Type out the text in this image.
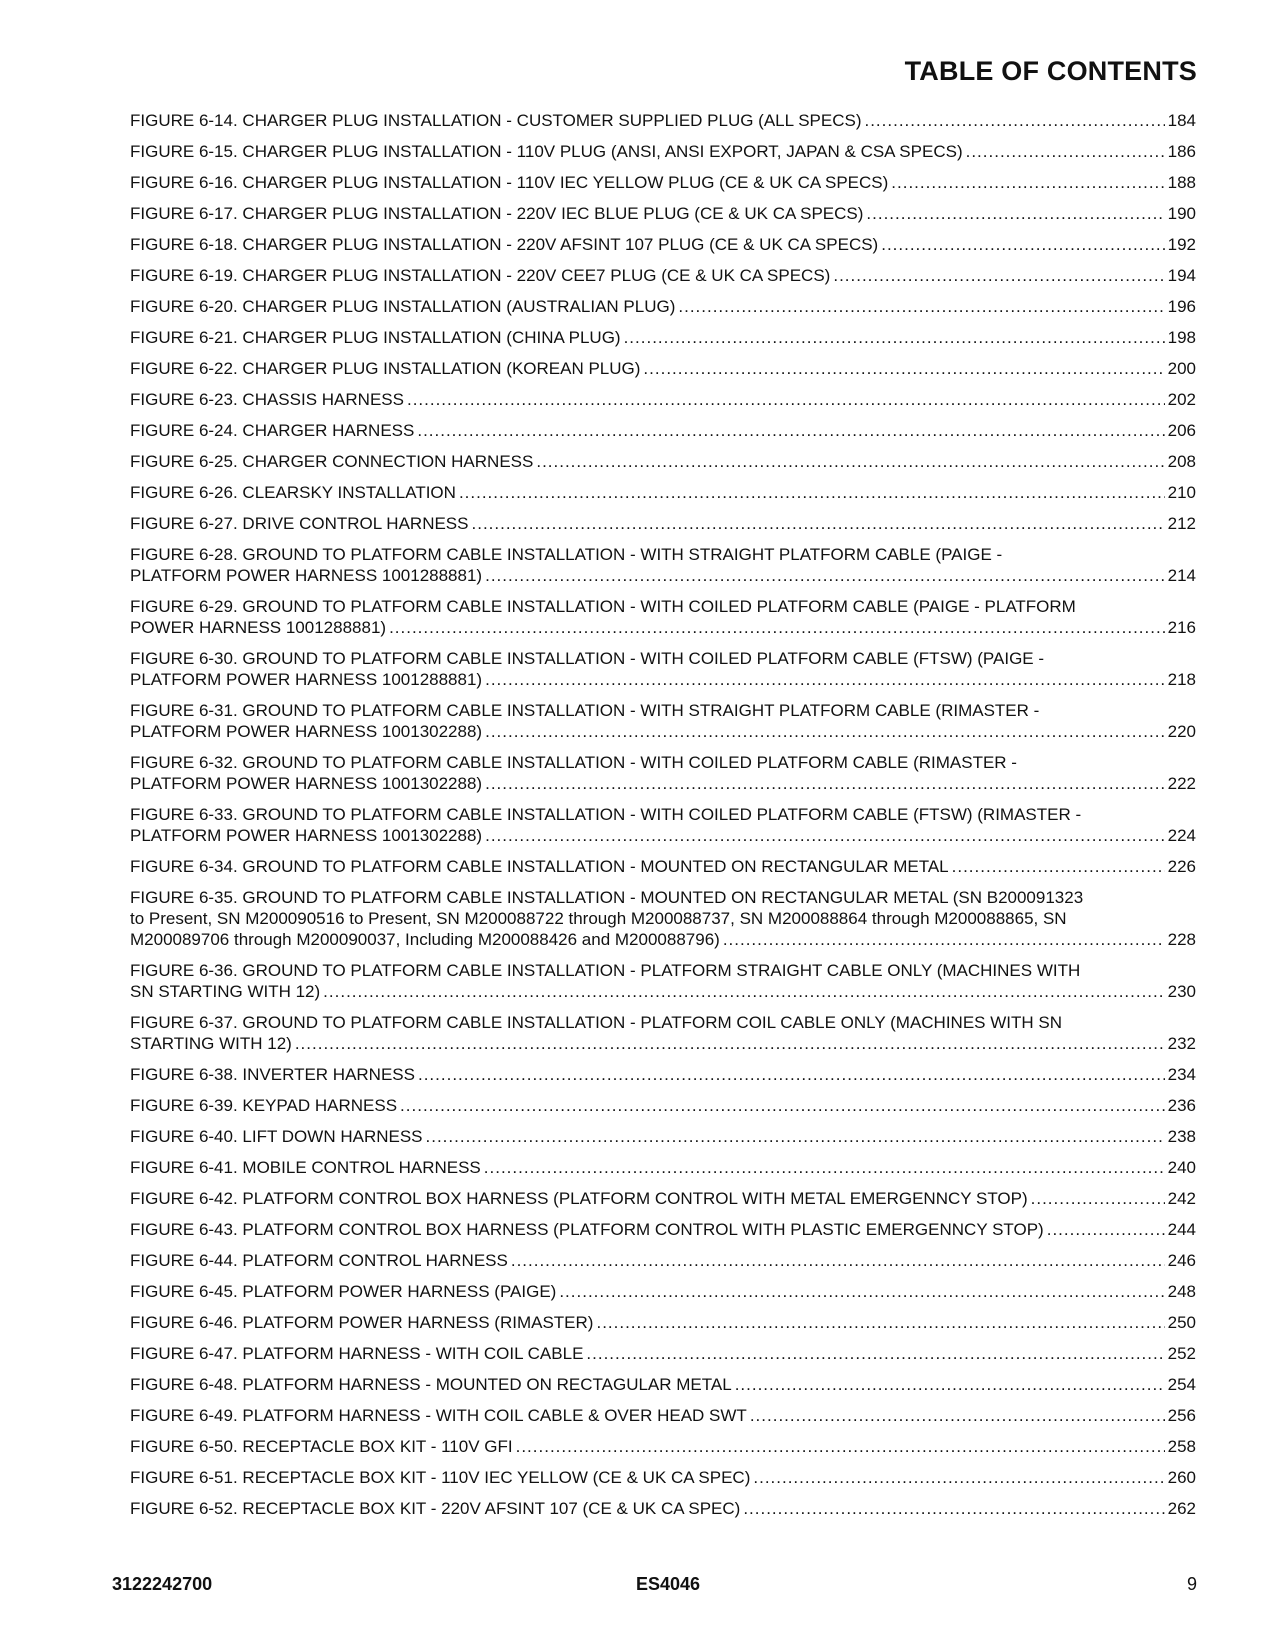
TABLE OF CONTENTS
FIGURE 6-14. CHARGER PLUG INSTALLATION - CUSTOMER SUPPLIED PLUG (ALL SPECS) .....	184
FIGURE 6-15. CHARGER PLUG INSTALLATION - 110V PLUG (ANSI, ANSI EXPORT, JAPAN & CSA SPECS) .....	186
FIGURE 6-16. CHARGER PLUG INSTALLATION - 110V IEC YELLOW PLUG (CE & UK CA SPECS) .....	188
FIGURE 6-17. CHARGER PLUG INSTALLATION - 220V IEC BLUE PLUG (CE & UK CA SPECS) .....	190
FIGURE 6-18. CHARGER PLUG INSTALLATION - 220V AFSINT 107 PLUG (CE & UK CA SPECS) .....	192
FIGURE 6-19. CHARGER PLUG INSTALLATION - 220V CEE7 PLUG (CE & UK CA SPECS) .....	194
FIGURE 6-20. CHARGER PLUG INSTALLATION (AUSTRALIAN PLUG) .....	196
FIGURE 6-21. CHARGER PLUG INSTALLATION (CHINA PLUG) .....	198
FIGURE 6-22. CHARGER PLUG INSTALLATION (KOREAN PLUG) .....	200
FIGURE 6-23. CHASSIS HARNESS .....	202
FIGURE 6-24. CHARGER HARNESS .....	206
FIGURE 6-25. CHARGER CONNECTION HARNESS .....	208
FIGURE 6-26. CLEARSKY INSTALLATION .....	210
FIGURE 6-27. DRIVE CONTROL HARNESS .....	212
FIGURE 6-28. GROUND TO PLATFORM CABLE INSTALLATION - WITH STRAIGHT PLATFORM CABLE (PAIGE -
PLATFORM POWER HARNESS 1001288881) .....	214
FIGURE 6-29. GROUND TO PLATFORM CABLE INSTALLATION - WITH COILED PLATFORM CABLE (PAIGE - PLATFORM
POWER HARNESS 1001288881) .....	216
FIGURE 6-30. GROUND TO PLATFORM CABLE INSTALLATION - WITH COILED PLATFORM CABLE (FTSW) (PAIGE -
PLATFORM POWER HARNESS 1001288881) .....	218
FIGURE 6-31. GROUND TO PLATFORM CABLE INSTALLATION - WITH STRAIGHT PLATFORM CABLE (RIMASTER -
PLATFORM POWER HARNESS 1001302288) .....	220
FIGURE 6-32. GROUND TO PLATFORM CABLE INSTALLATION - WITH COILED PLATFORM CABLE (RIMASTER -
PLATFORM POWER HARNESS 1001302288) .....	222
FIGURE 6-33. GROUND TO PLATFORM CABLE INSTALLATION - WITH COILED PLATFORM CABLE (FTSW) (RIMASTER -
PLATFORM POWER HARNESS 1001302288) .....	224
FIGURE 6-34. GROUND TO PLATFORM CABLE INSTALLATION - MOUNTED ON RECTANGULAR METAL .....	226
FIGURE 6-35. GROUND TO PLATFORM CABLE INSTALLATION - MOUNTED ON RECTANGULAR METAL (SN B200091323
to Present, SN M200090516 to Present, SN M200088722 through M200088737, SN M200088864 through M200088865, SN
M200089706 through M200090037, Including M200088426 and M200088796) .....	228
FIGURE 6-36. GROUND TO PLATFORM CABLE INSTALLATION - PLATFORM STRAIGHT CABLE ONLY (MACHINES WITH
SN STARTING WITH 12) .....	230
FIGURE 6-37. GROUND TO PLATFORM CABLE INSTALLATION - PLATFORM COIL CABLE ONLY (MACHINES WITH SN
STARTING WITH 12) .....	232
FIGURE 6-38. INVERTER HARNESS .....	234
FIGURE 6-39. KEYPAD HARNESS .....	236
FIGURE 6-40. LIFT DOWN HARNESS .....	238
FIGURE 6-41. MOBILE CONTROL HARNESS .....	240
FIGURE 6-42. PLATFORM CONTROL BOX HARNESS (PLATFORM CONTROL WITH METAL EMERGENNCY STOP) .....	242
FIGURE 6-43. PLATFORM CONTROL BOX HARNESS (PLATFORM CONTROL WITH PLASTIC EMERGENNCY STOP) .....	244
FIGURE 6-44. PLATFORM CONTROL HARNESS .....	246
FIGURE 6-45. PLATFORM POWER HARNESS (PAIGE) .....	248
FIGURE 6-46. PLATFORM POWER HARNESS (RIMASTER) .....	250
FIGURE 6-47. PLATFORM HARNESS - WITH COIL CABLE .....	252
FIGURE 6-48. PLATFORM HARNESS - MOUNTED ON RECTAGULAR METAL .....	254
FIGURE 6-49. PLATFORM HARNESS - WITH COIL CABLE & OVER HEAD SWT .....	256
FIGURE 6-50. RECEPTACLE BOX KIT - 110V GFI .....	258
FIGURE 6-51. RECEPTACLE BOX KIT - 110V IEC YELLOW (CE & UK CA SPEC) .....	260
FIGURE 6-52. RECEPTACLE BOX KIT - 220V AFSINT 107 (CE & UK CA SPEC) .....	262
3122242700	ES4046	9
